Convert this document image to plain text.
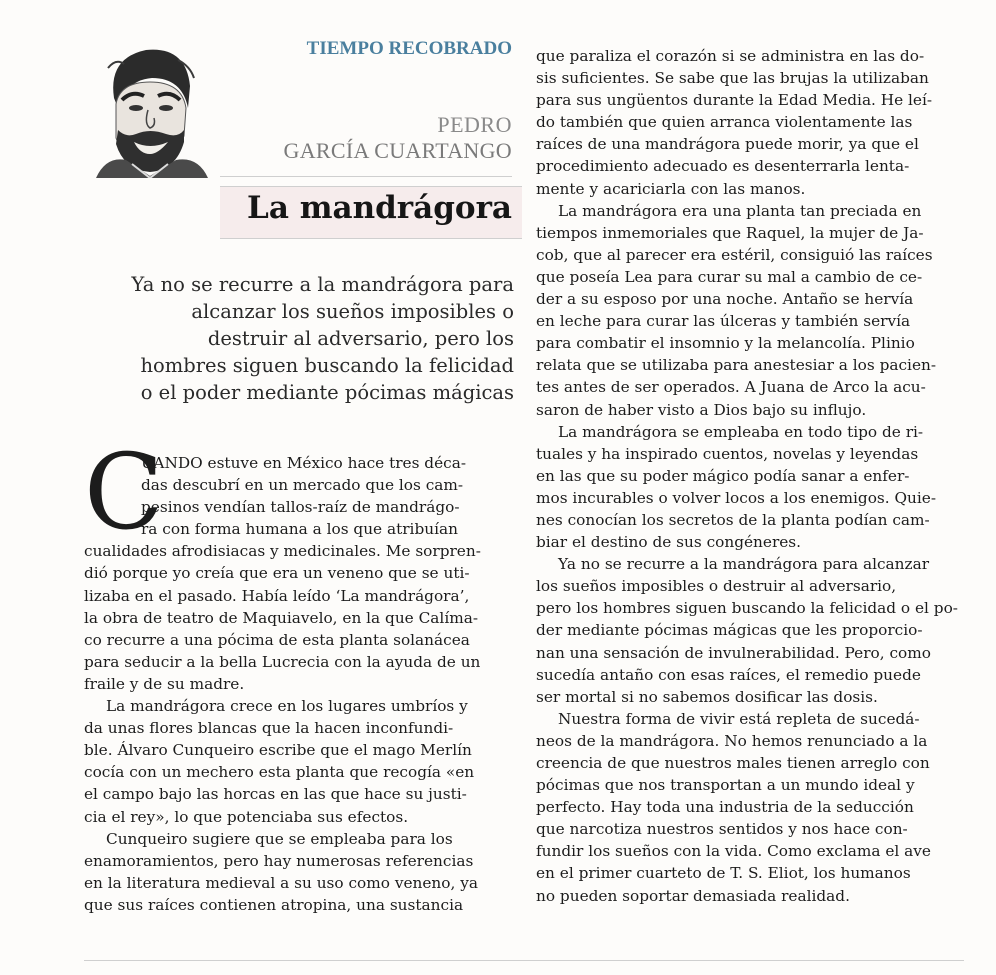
TIEMPO RECOBRADO
PEDRO
GARCÍA CUARTANGO
La mandrágora
Ya no se recurre a la mandrágora para
alcanzar los sueños imposibles o
destruir al adversario, pero los
hombres siguen buscando la felicidad
o el poder mediante pócimas mágicas
C
UANDO estuve en México hace tres déca-
das descubrí en un mercado que los cam-
pesinos vendían tallos-raíz de mandrágo-
ra con forma humana a los que atribuían
cualidades afrodisiacas y medicinales. Me sorpren-
dió porque yo creía que era un veneno que se uti-
lizaba en el pasado. Había leído ‘La mandrágora’,
la obra de teatro de Maquiavelo, en la que Calíma-
co recurre a una pócima de esta planta solanácea
para seducir a la bella Lucrecia con la ayuda de un
fraile y de su madre.
La mandrágora crece en los lugares umbríos y
da unas flores blancas que la hacen inconfundi-
ble. Álvaro Cunqueiro escribe que el mago Merlín
cocía con un mechero esta planta que recogía «en
el campo bajo las horcas en las que hace su justi-
cia el rey», lo que potenciaba sus efectos.
Cunqueiro sugiere que se empleaba para los
enamoramientos, pero hay numerosas referencias
en la literatura medieval a su uso como veneno, ya
que sus raíces contienen atropina, una sustancia
que paraliza el corazón si se administra en las do-
sis suficientes. Se sabe que las brujas la utilizaban
para sus ungüentos durante la Edad Media. He leí-
do también que quien arranca violentamente las
raíces de una mandrágora puede morir, ya que el
procedimiento adecuado es desenterrarla lenta-
mente y acariciarla con las manos.
La mandrágora era una planta tan preciada en
tiempos inmemoriales que Raquel, la mujer de Ja-
cob, que al parecer era estéril, consiguió las raíces
que poseía Lea para curar su mal a cambio de ce-
der a su esposo por una noche. Antaño se hervía
en leche para curar las úlceras y también servía
para combatir el insomnio y la melancolía. Plinio
relata que se utilizaba para anestesiar a los pacien-
tes antes de ser operados. A Juana de Arco la acu-
saron de haber visto a Dios bajo su influjo.
La mandrágora se empleaba en todo tipo de ri-
tuales y ha inspirado cuentos, novelas y leyendas
en las que su poder mágico podía sanar a enfer-
mos incurables o volver locos a los enemigos. Quie-
nes conocían los secretos de la planta podían cam-
biar el destino de sus congéneres.
Ya no se recurre a la mandrágora para alcanzar
los sueños imposibles o destruir al adversario,
pero los hombres siguen buscando la felicidad o el po-
der mediante pócimas mágicas que les proporcio-
nan una sensación de invulnerabilidad. Pero, como
sucedía antaño con esas raíces, el remedio puede
ser mortal si no sabemos dosificar las dosis.
Nuestra forma de vivir está repleta de sucedá-
neos de la mandrágora. No hemos renunciado a la
creencia de que nuestros males tienen arreglo con
pócimas que nos transportan a un mundo ideal y
perfecto. Hay toda una industria de la seducción
que narcotiza nuestros sentidos y nos hace con-
fundir los sueños con la vida. Como exclama el ave
en el primer cuarteto de T. S. Eliot, los humanos
no pueden soportar demasiada realidad.
